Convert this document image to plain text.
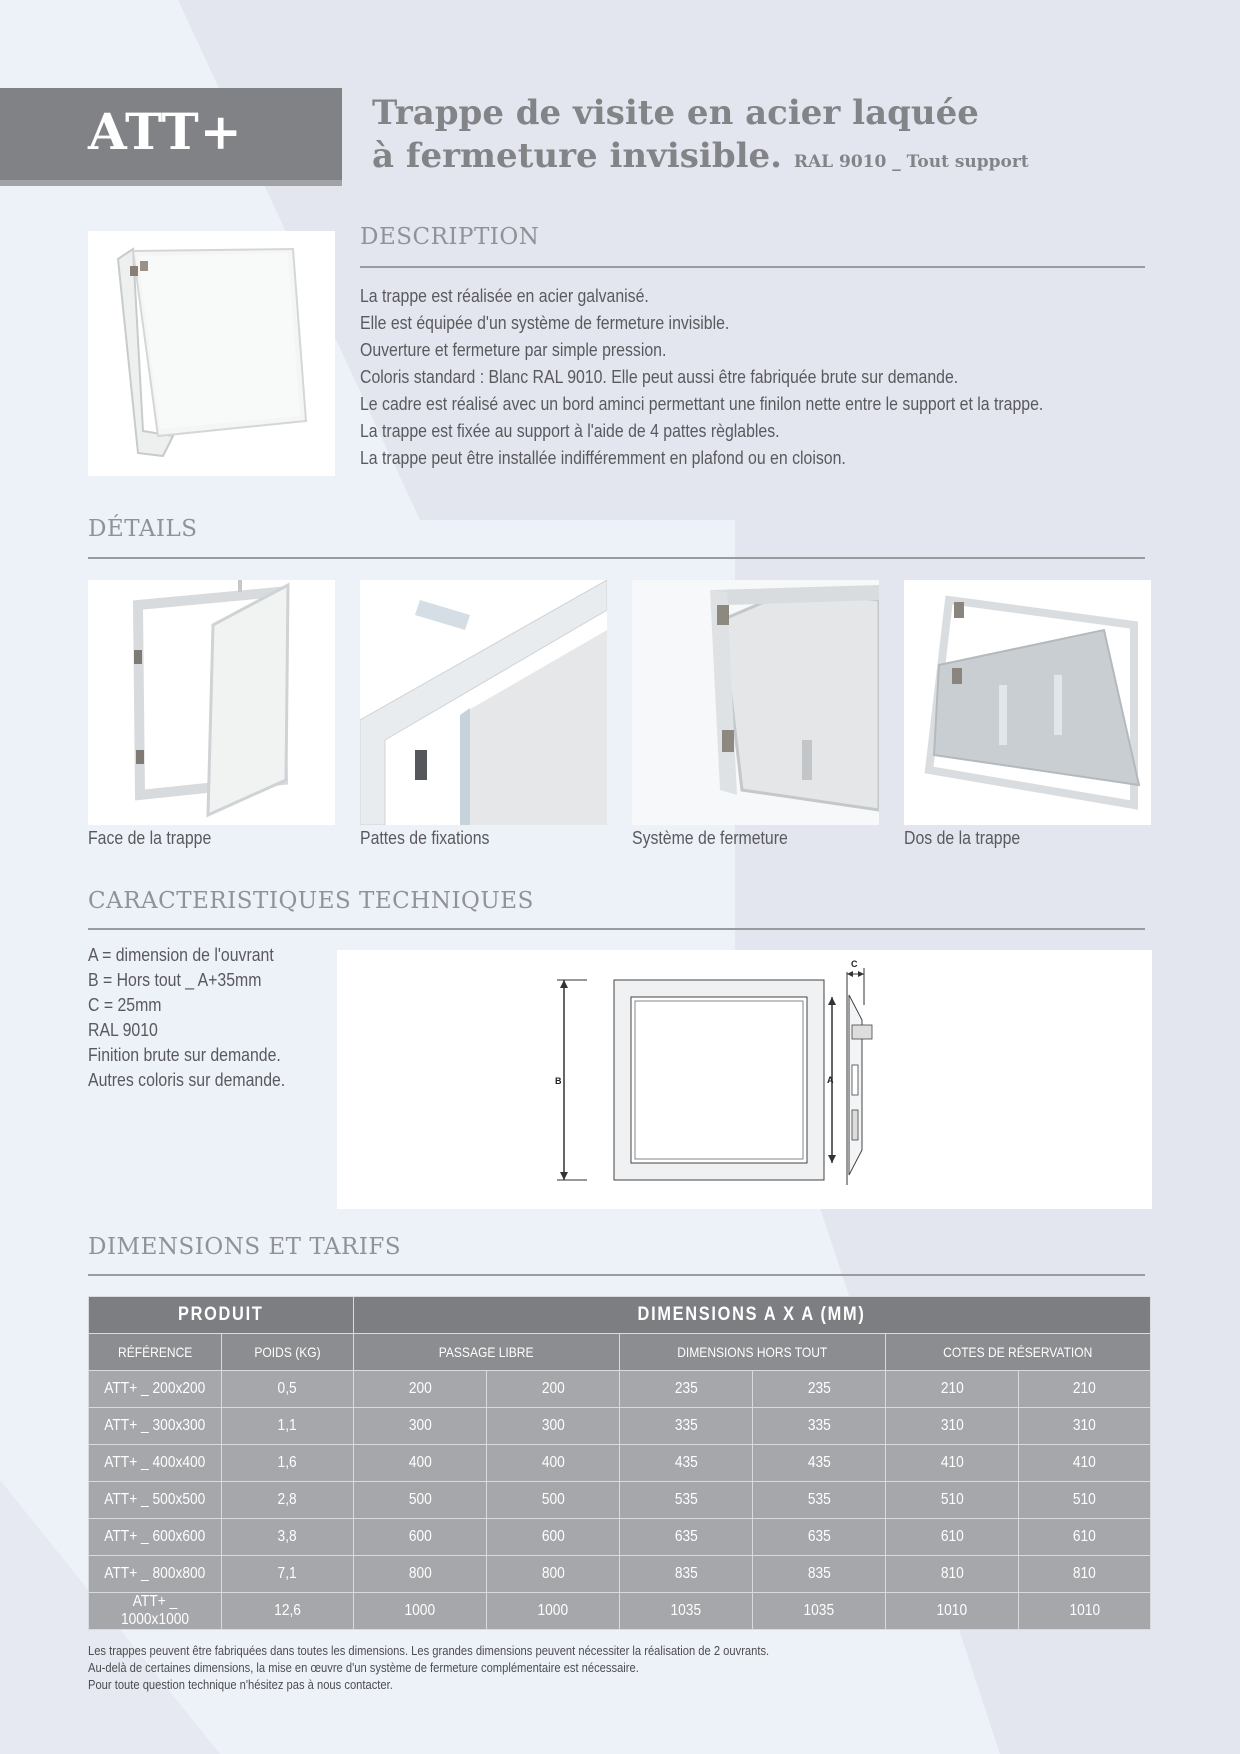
ATT+	Trappe de visite en acier laquée
à fermeture invisible. RAL 9010 _ Tout support
DESCRIPTION
La trappe est réalisée en acier galvanisé.
Elle est équipée d'un système de fermeture invisible.
Ouverture et fermeture par simple pression.
Coloris standard : Blanc RAL 9010. Elle peut aussi être fabriquée brute sur demande.
Le cadre est réalisé avec un bord aminci permettant une finilon nette entre le support et la trappe.
La trappe est fixée au support à l'aide de 4 pattes règlables.
La trappe peut être installée indifféremment en plafond ou en cloison.
DÉTAILS
Face de la trappe	Pattes de fixations	Système de fermeture	Dos de la trappe
CARACTERISTIQUES TECHNIQUES
A = dimension de l'ouvrant
B = Hors tout _ A+35mm
C = 25mm
RAL 9010
Finition brute sur demande.
Autres coloris sur demande.	B	A
C
DIMENSIONS ET TARIFS
PRODUIT		DIMENSIONS A X A (MM)					
RÉFÉRENCE	POIDS (KG)	PASSAGE LIBRE		DIMENSIONS HORS TOUT		COTES DE RÉSERVATION	
ATT+ _ 200x200	0,5	200	200	235	235	210	210
ATT+ _ 300x300	1,1	300	300	335	335	310	310
ATT+ _ 400x400	1,6	400	400	435	435	410	410
ATT+ _ 500x500	2,8	500	500	535	535	510	510
ATT+ _ 600x600	3,8	600	600	635	635	610	610
ATT+ _ 800x800	7,1	800	800	835	835	810	810
ATT+ _ 1000x1000	12,6	1000	1000	1035	1035	1010	1010
Les trappes peuvent être fabriquées dans toutes les dimensions. Les grandes dimensions peuvent nécessiter la réalisation de 2 ouvrants.
Au-delà de certaines dimensions, la mise en œuvre d'un système de fermeture complémentaire est nécessaire.
Pour toute question technique n'hésitez pas à nous contacter.
